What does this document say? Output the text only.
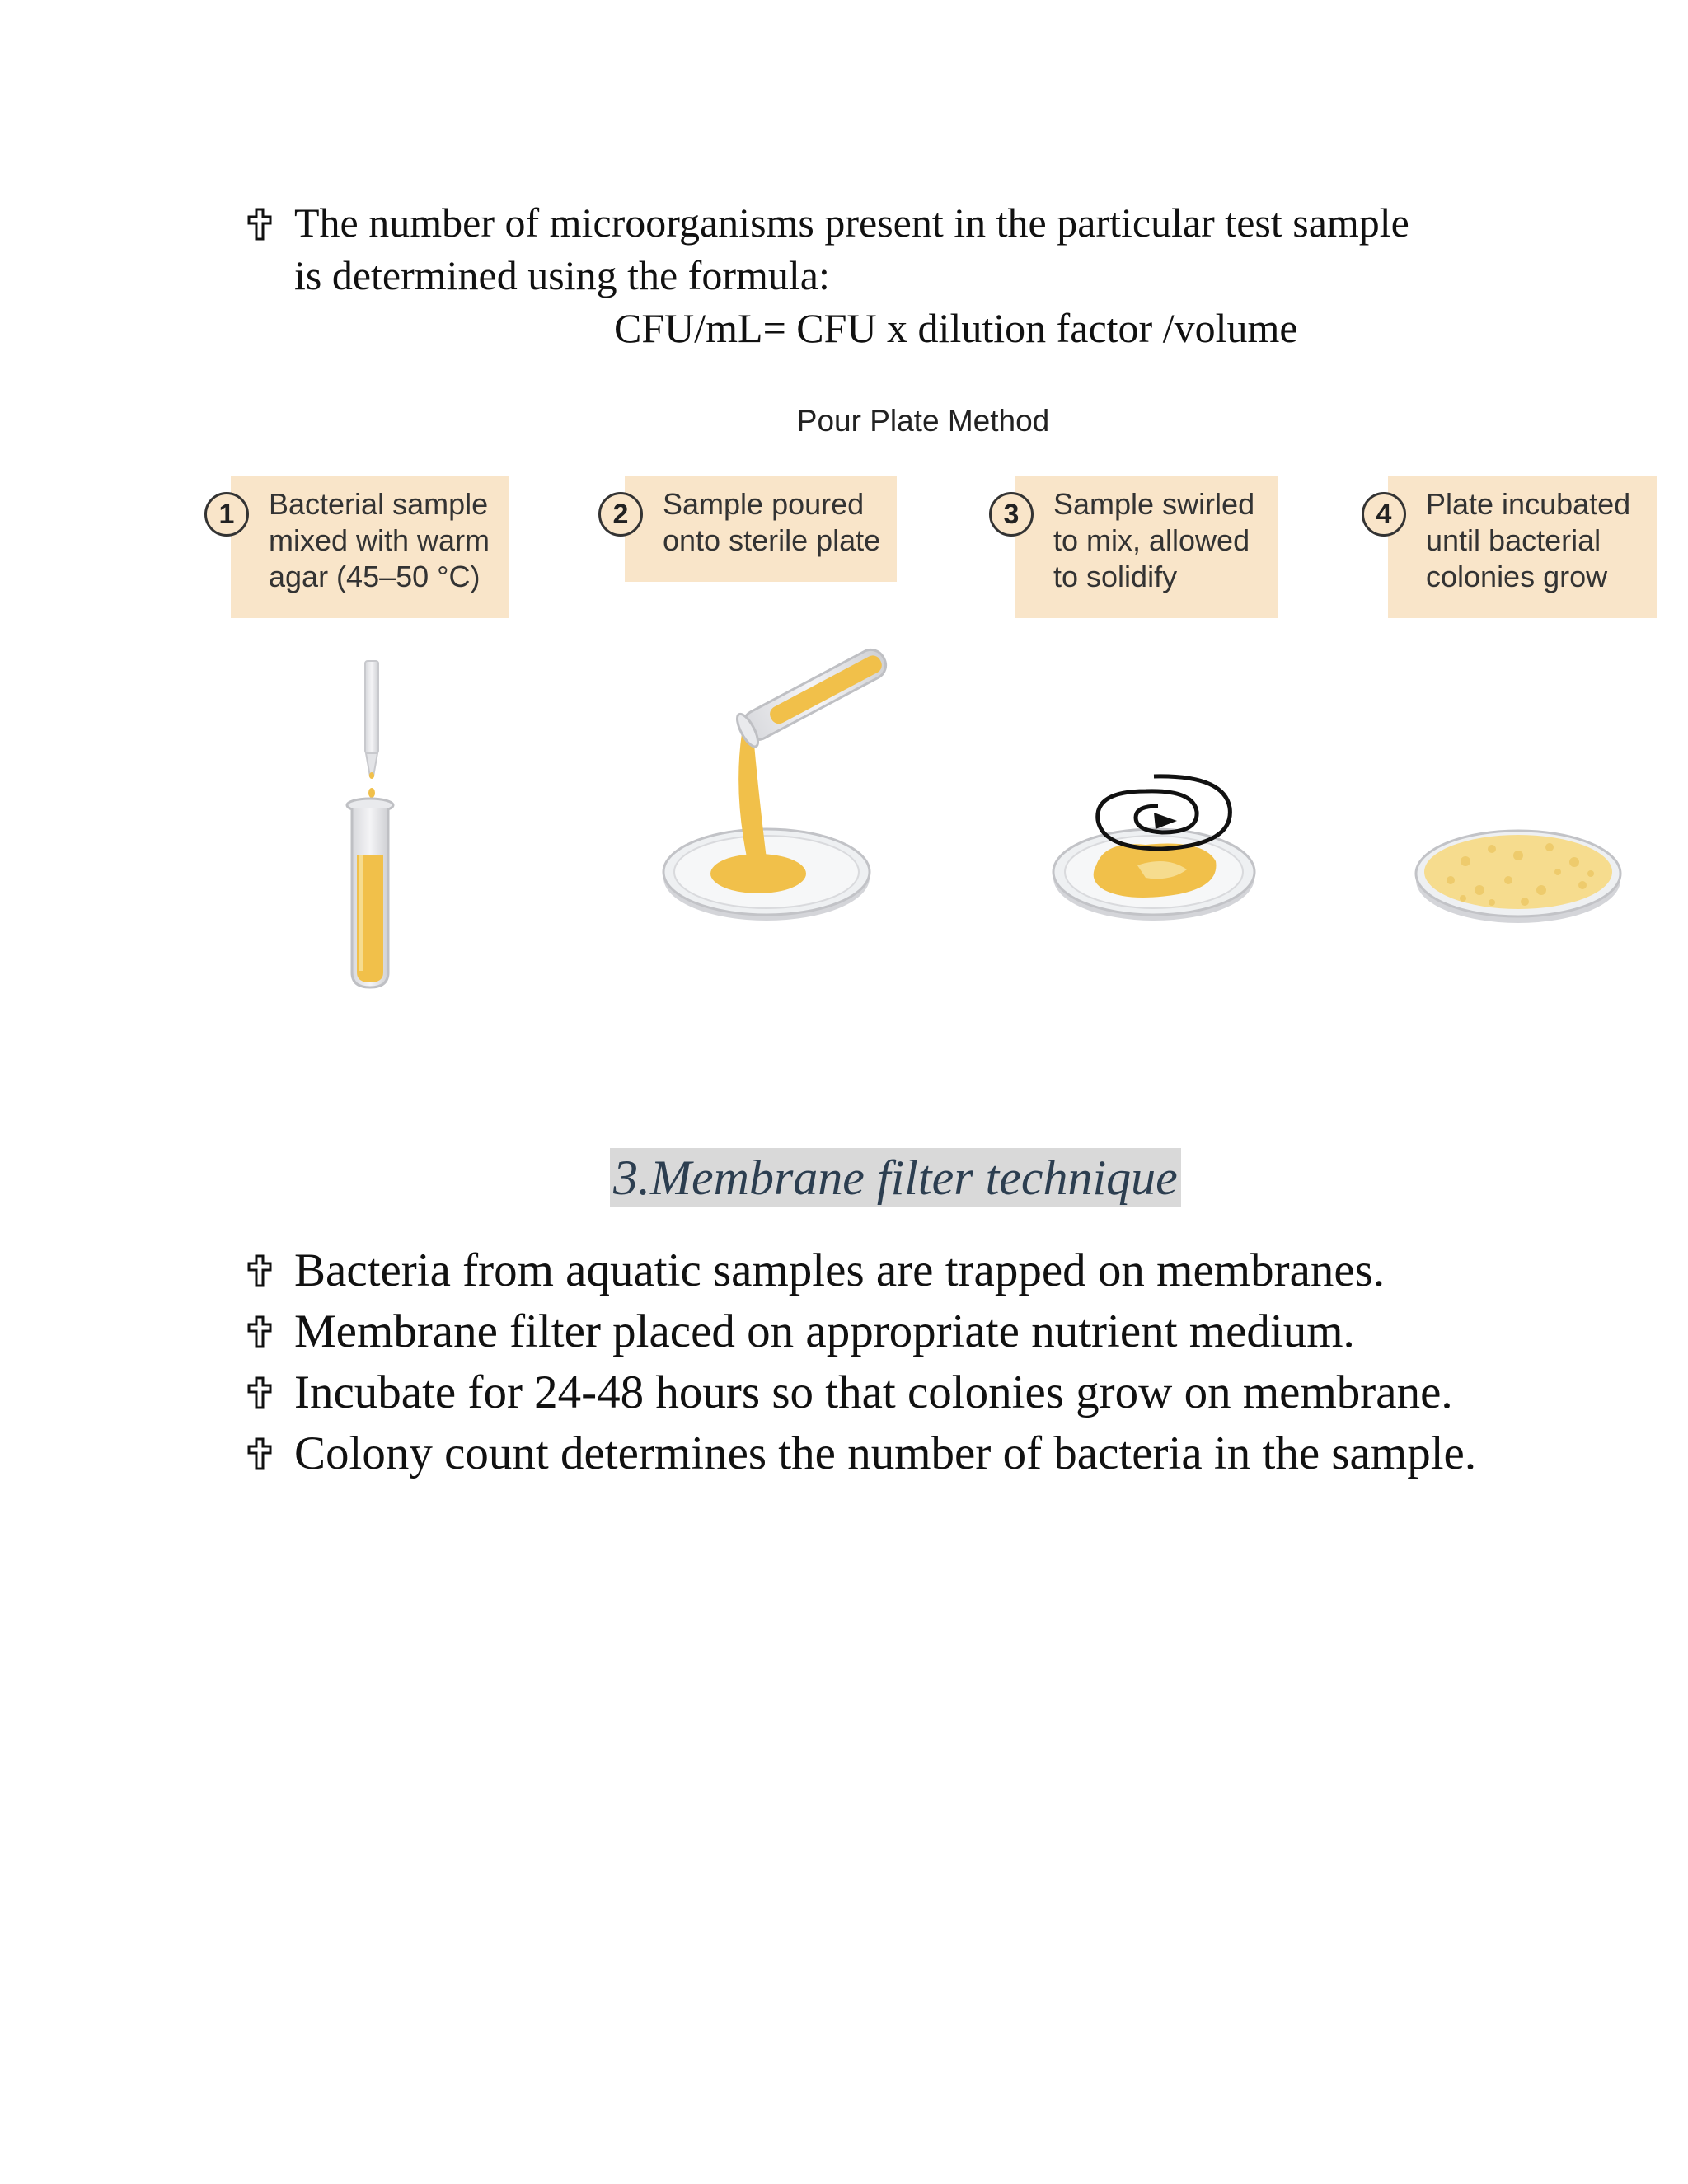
The number of microorganisms present in the particular test sample is determined using the formula:
CFU/mL= CFU x dilution factor /volume
Pour Plate Method
Bacterial sample mixed with warm agar (45–50 °C)
1	Sample poured onto sterile plate
2	Sample swirled to mix, allowed to solidify
3	Plate incubated until bacterial colonies grow
4
3.Membrane filter technique
Bacteria from aquatic samples are trapped on membranes.
Membrane filter placed on appropriate nutrient medium.
Incubate for 24-48 hours so that colonies grow on membrane.
Colony count determines the number of bacteria in the sample.
